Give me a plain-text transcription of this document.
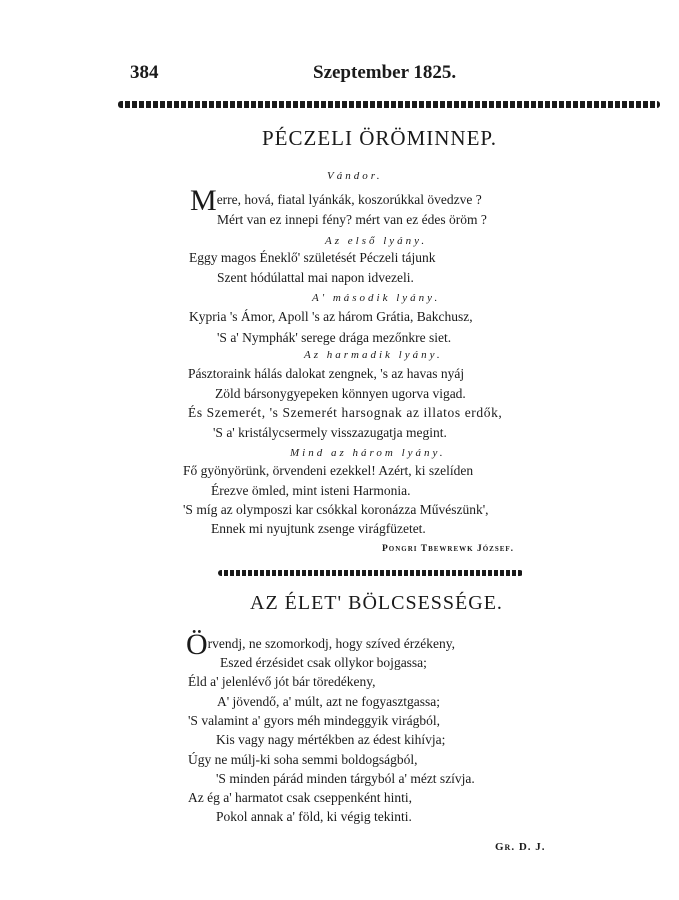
384	Szeptember 1825.
PÉCZELI ÖRÖMINNEP.
Vándor.
Merre, hová, fiatal lyánkák, koszorúkkal övedzve ?
Mért van ez innepi fény? mért van ez édes öröm ?
Az első lyány.
Eggy magos Éneklő' születését Péczeli tájunk
Szent hódúlattal mai napon idvezeli.
A' második lyány.
Kypria 's Ámor, Apoll 's az három Grátia, Bakchusz,
'S a' Nymphák' serege drága mezőnkre siet.
Az harmadik lyány.
Pásztoraink hálás dalokat zengnek, 's az havas nyáj
Zöld bársonygyepeken könnyen ugorva vigad.
És Szemerét, 's Szemerét harsognak az illatos erdők,
'S a' kristálycsermely visszazugatja megint.
Mind az három lyány.
Fő gyönyörünk, örvendeni ezekkel! Azért, ki szelíden
Érezve ömled, mint isteni Harmonia.
'S míg az olymposzi kar csókkal koronázza Művészünk',
Ennek mi nyujtunk zsenge virágfüzetet.
Pongri Tbewrewk József.
AZ ÉLET' BÖLCSESSÉGE.
Örvendj, ne szomorkodj, hogy szíved érzékeny,
Eszed érzésidet csak ollykor bojgassa;
Éld a' jelenlévő jót bár töredékeny,
A' jövendő, a' múlt, azt ne fogyasztgassa;
'S valamint a' gyors méh mindeggyik virágból,
Kis vagy nagy mértékben az édest kihívja;
Úgy ne múlj-ki soha semmi boldogságból,
'S minden párád minden tárgyból a' mézt szívja.
Az ég a' harmatot csak cseppenként hinti,
Pokol annak a' föld, ki végig tekinti.
Gr. D. J.
